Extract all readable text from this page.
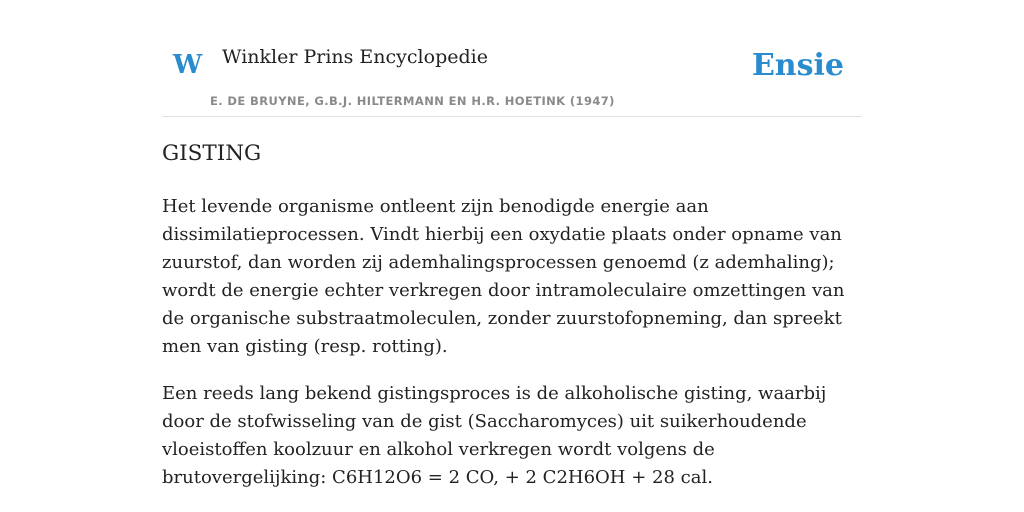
W Winkler Prins Encyclopedie
E. DE BRUYNE, G.B.J. HILTERMANN EN H.R. HOETINK (1947)
Ensie
GISTING

Het levende organisme ontleent zijn benodigde energie aan dissimilatieprocessen. Vindt hierbij een oxydatie plaats onder opname van zuurstof, dan worden zij ademhalingsprocessen genoemd (z ademhaling); wordt de energie echter verkregen door intramoleculaire omzettingen van de organische substraatmoleculen, zonder zuurstofopneming, dan spreekt men van gisting (resp. rotting).

Een reeds lang bekend gistingsproces is de alkoholische gisting, waarbij door de stofwisseling van de gist (Saccharomyces) uit suikerhoudende vloeistoffen koolzuur en alkohol verkregen wordt volgens de brutovergelijking: C6H12O6 = 2 CO, + 2 C2H6OH + 28 cal.
